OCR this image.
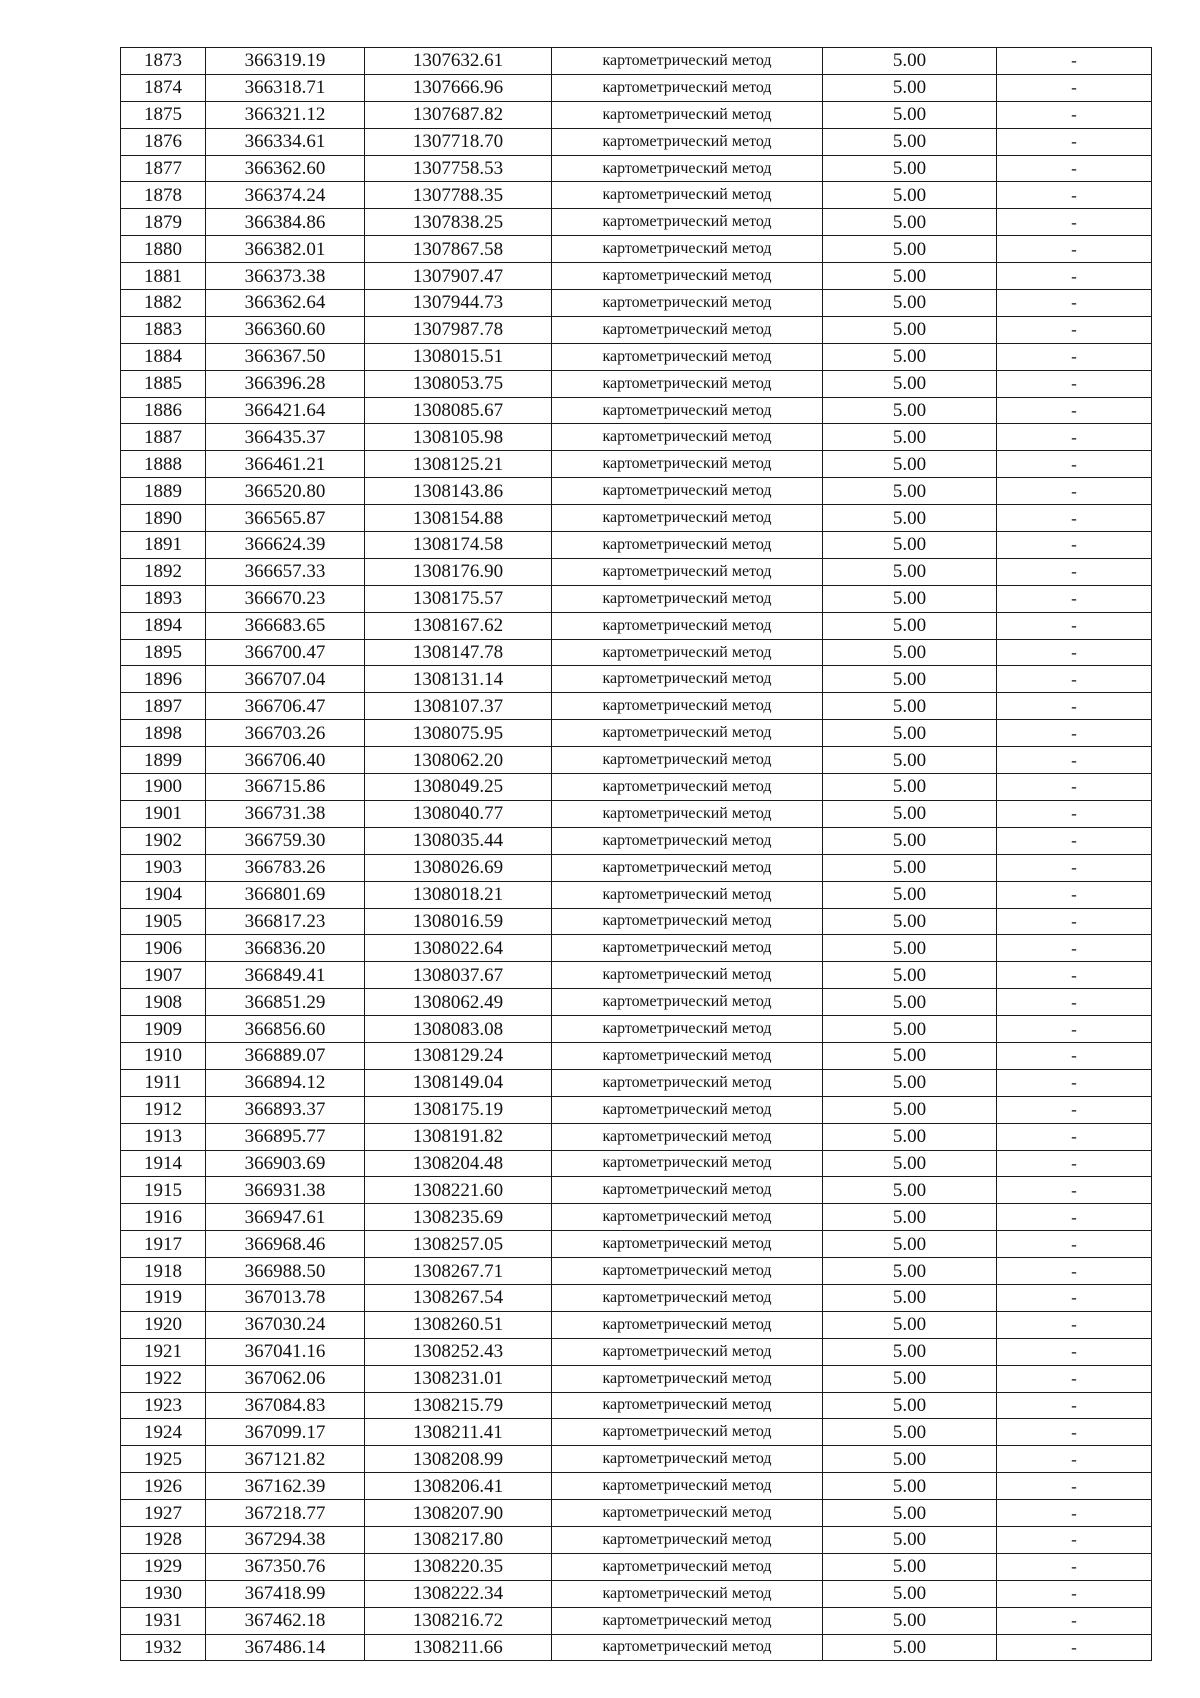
1873	366319.19	1307632.61	картометрический метод	5.00	-
1874	366318.71	1307666.96	картометрический метод	5.00	-
1875	366321.12	1307687.82	картометрический метод	5.00	-
1876	366334.61	1307718.70	картометрический метод	5.00	-
1877	366362.60	1307758.53	картометрический метод	5.00	-
1878	366374.24	1307788.35	картометрический метод	5.00	-
1879	366384.86	1307838.25	картометрический метод	5.00	-
1880	366382.01	1307867.58	картометрический метод	5.00	-
1881	366373.38	1307907.47	картометрический метод	5.00	-
1882	366362.64	1307944.73	картометрический метод	5.00	-
1883	366360.60	1307987.78	картометрический метод	5.00	-
1884	366367.50	1308015.51	картометрический метод	5.00	-
1885	366396.28	1308053.75	картометрический метод	5.00	-
1886	366421.64	1308085.67	картометрический метод	5.00	-
1887	366435.37	1308105.98	картометрический метод	5.00	-
1888	366461.21	1308125.21	картометрический метод	5.00	-
1889	366520.80	1308143.86	картометрический метод	5.00	-
1890	366565.87	1308154.88	картометрический метод	5.00	-
1891	366624.39	1308174.58	картометрический метод	5.00	-
1892	366657.33	1308176.90	картометрический метод	5.00	-
1893	366670.23	1308175.57	картометрический метод	5.00	-
1894	366683.65	1308167.62	картометрический метод	5.00	-
1895	366700.47	1308147.78	картометрический метод	5.00	-
1896	366707.04	1308131.14	картометрический метод	5.00	-
1897	366706.47	1308107.37	картометрический метод	5.00	-
1898	366703.26	1308075.95	картометрический метод	5.00	-
1899	366706.40	1308062.20	картометрический метод	5.00	-
1900	366715.86	1308049.25	картометрический метод	5.00	-
1901	366731.38	1308040.77	картометрический метод	5.00	-
1902	366759.30	1308035.44	картометрический метод	5.00	-
1903	366783.26	1308026.69	картометрический метод	5.00	-
1904	366801.69	1308018.21	картометрический метод	5.00	-
1905	366817.23	1308016.59	картометрический метод	5.00	-
1906	366836.20	1308022.64	картометрический метод	5.00	-
1907	366849.41	1308037.67	картометрический метод	5.00	-
1908	366851.29	1308062.49	картометрический метод	5.00	-
1909	366856.60	1308083.08	картометрический метод	5.00	-
1910	366889.07	1308129.24	картометрический метод	5.00	-
1911	366894.12	1308149.04	картометрический метод	5.00	-
1912	366893.37	1308175.19	картометрический метод	5.00	-
1913	366895.77	1308191.82	картометрический метод	5.00	-
1914	366903.69	1308204.48	картометрический метод	5.00	-
1915	366931.38	1308221.60	картометрический метод	5.00	-
1916	366947.61	1308235.69	картометрический метод	5.00	-
1917	366968.46	1308257.05	картометрический метод	5.00	-
1918	366988.50	1308267.71	картометрический метод	5.00	-
1919	367013.78	1308267.54	картометрический метод	5.00	-
1920	367030.24	1308260.51	картометрический метод	5.00	-
1921	367041.16	1308252.43	картометрический метод	5.00	-
1922	367062.06	1308231.01	картометрический метод	5.00	-
1923	367084.83	1308215.79	картометрический метод	5.00	-
1924	367099.17	1308211.41	картометрический метод	5.00	-
1925	367121.82	1308208.99	картометрический метод	5.00	-
1926	367162.39	1308206.41	картометрический метод	5.00	-
1927	367218.77	1308207.90	картометрический метод	5.00	-
1928	367294.38	1308217.80	картометрический метод	5.00	-
1929	367350.76	1308220.35	картометрический метод	5.00	-
1930	367418.99	1308222.34	картометрический метод	5.00	-
1931	367462.18	1308216.72	картометрический метод	5.00	-
1932	367486.14	1308211.66	картометрический метод	5.00	-
